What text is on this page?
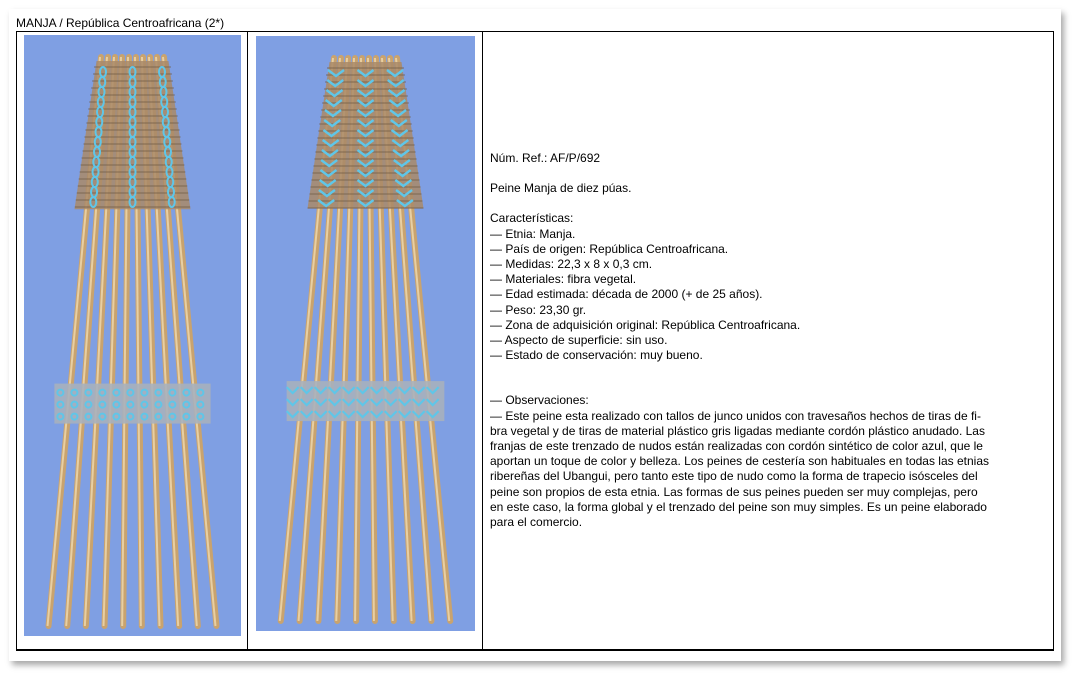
MANJA / República Centroafricana (2*)

Núm. Ref.: AF/P/692

Peine Manja de diez púas.

Características:

— Etnia: Manja.

— País de origen: República Centroafricana.

— Medidas: 22,3 x 8 x 0,3 cm.

— Materiales: fibra vegetal.

— Edad estimada: década de 2000 (+ de 25 años).

— Peso: 23,30 gr.

— Zona de adquisición original: República Centroafricana.

— Aspecto de superficie: sin uso.

— Estado de conservación: muy bueno.

— Observaciones:

— Este peine esta realizado con tallos de junco unidos con travesaños hechos de tiras de fi-

bra vegetal y de tiras de material plástico gris ligadas mediante cordón plástico anudado. Las

franjas de este trenzado de nudos están realizadas con cordón sintético de color azul, que le

aportan un toque de color y belleza. Los peines de cestería son habituales en todas las etnias

ribereñas del Ubangui, pero tanto este tipo de nudo como la forma de trapecio isósceles del

peine son propios de esta etnia. Las formas de sus peines pueden ser muy complejas, pero

en este caso, la forma global y el trenzado del peine son muy simples. Es un peine elaborado

para el comercio.
